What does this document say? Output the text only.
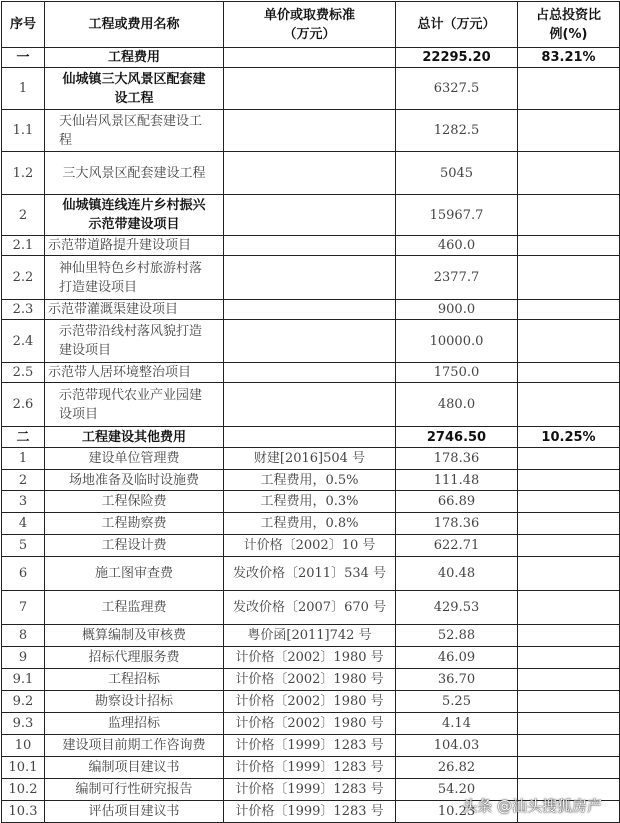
序号	工程或费用名称	单价或取费标准（万元）	总计（万元）	占总投资比例(%)
一	工程费用		22295.20	83.21%
1	仙城镇三大风景区配套建设工程		6327.5	
1.1	天仙岩风景区配套建设工程		1282.5	
1.2	三大风景区配套建设工程		5045	
2	仙城镇连线连片乡村振兴示范带建设项目		15967.7	
2.1	示范带道路提升建设项目		460.0	
2.2	神仙里特色乡村旅游村落打造建设项目		2377.7	
2.3	示范带灌溉渠建设项目		900.0	
2.4	示范带沿线村落风貌打造建设项目		10000.0	
2.5	示范带人居环境整治项目		1750.0	
2.6	示范带现代农业产业园建设项目		480.0	
二	工程建设其他费用		2746.50	10.25%
1	建设单位管理费	财建[2016]504 号	178.36	
2	场地准备及临时设施费	工程费用，0.5%	111.48	
3	工程保险费	工程费用，0.3%	66.89	
4	工程勘察费	工程费用，0.8%	178.36	
5	工程设计费	计价格〔2002〕10 号	622.71	
6	施工图审查费	发改价格〔2011〕534 号	40.48	
7	工程监理费	发改价格〔2007〕670 号	429.53	
8	概算编制及审核费	粤价函[2011]742 号	52.88	
9	招标代理服务费	计价格〔2002〕1980 号	46.09	
9.1	工程招标	计价格〔2002〕1980 号	36.70	
9.2	勘察设计招标	计价格〔2002〕1980 号	5.25	
9.3	监理招标	计价格〔2002〕1980 号	4.14	
10	建设项目前期工作咨询费	计价格〔1999〕1283 号	104.03	
10.1	编制项目建议书	计价格〔1999〕1283 号	26.82	
10.2	编制可行性研究报告	计价格〔1999〕1283 号	54.20	
10.3	评估项目建议书	计价格〔1999〕1283 号	10.23	
头条 @汕头搜狐房产
